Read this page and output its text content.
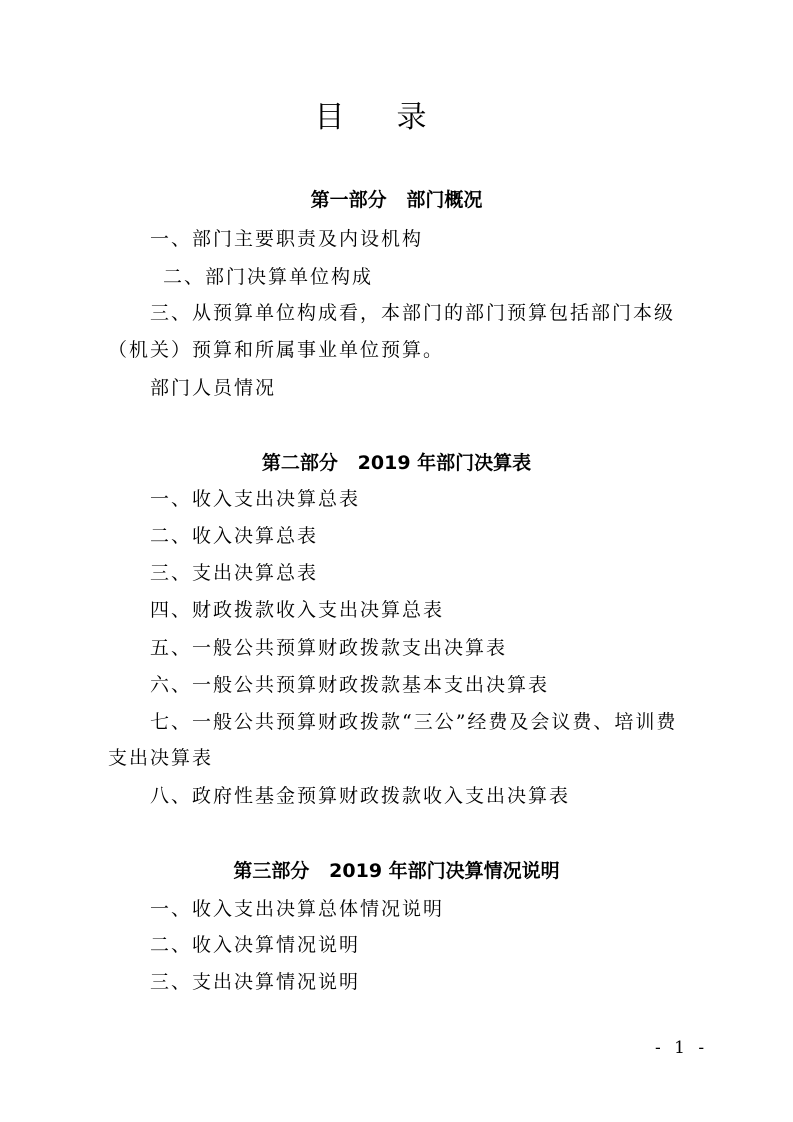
目录
第一部分   部门概况
一、部门主要职责及内设机构
二、部门决算单位构成
三、从预算单位构成看，本部门的部门预算包括部门本级
（机关）预算和所属事业单位预算。
部门人员情况
第二部分   2019 年部门决算表
一、收入支出决算总表
二、收入决算总表
三、支出决算总表
四、财政拨款收入支出决算总表
五、一般公共预算财政拨款支出决算表
六、一般公共预算财政拨款基本支出决算表
七、一般公共预算财政拨款“三公”经费及会议费、培训费
支出决算表
八、政府性基金预算财政拨款收入支出决算表
第三部分   2019 年部门决算情况说明
一、收入支出决算总体情况说明
二、收入决算情况说明
三、支出决算情况说明
- 1 -
